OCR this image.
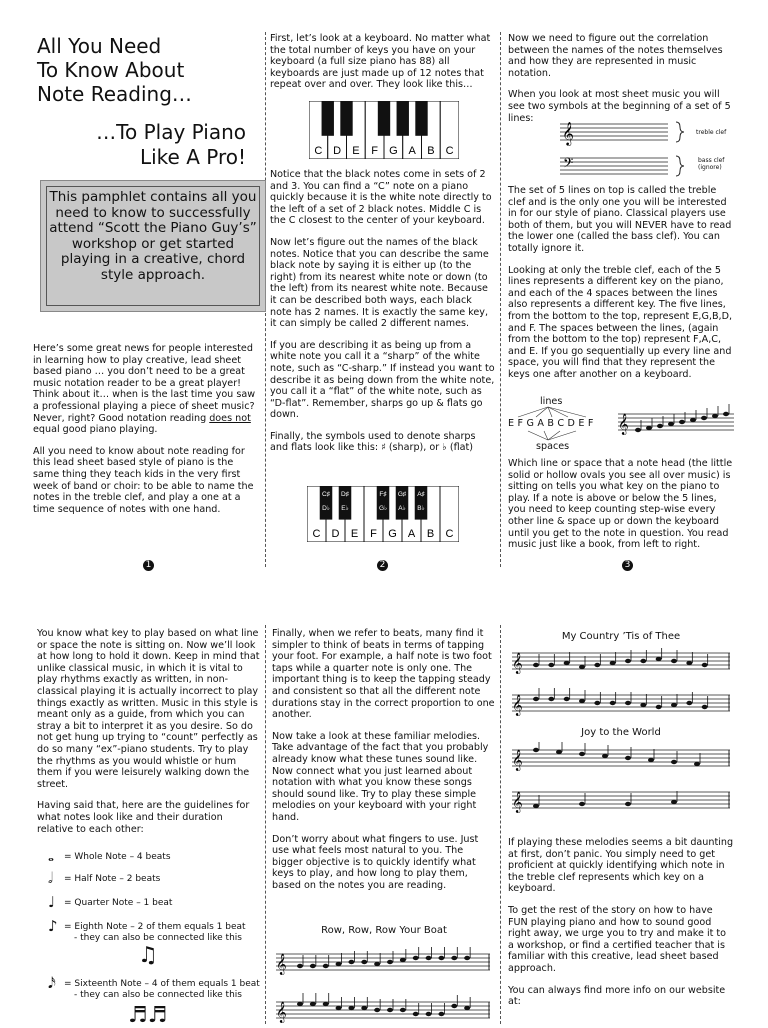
All You Need
To Know About
Note Reading…
…To Play Piano
Like A Pro!
This pamphlet contains all you need to know to successfully attend “Scott the Piano Guy’s” workshop or get started playing in a creative, chord style approach.

Here’s some great news for people interested in learning how to play creative, lead sheet based piano … you don’t need to be a great music notation reader to be a great player! Think about it… when is the last time you saw a professional playing a piece of sheet music? Never, right? Good notation reading does not equal good piano playing.

All you need to know about note reading for this lead sheet based style of piano is the same thing they teach kids in the very first week of band or choir: to be able to name the notes in the treble clef, and play a one at a time sequence of notes with one hand.

1

First, let’s look at a keyboard. No matter what the total number of keys you have on your keyboard (a full size piano has 88) all keyboards are just made up of 12 notes that repeat over and over. They look like this…

C D E F G A B C

Notice that the black notes come in sets of 2 and 3. You can find a “C” note on a piano quickly because it is the white note directly to the left of a set of 2 black notes. Middle C is the C closest to the center of your keyboard.

Now let’s figure out the names of the black notes. Notice that you can describe the same black note by saying it is either up (to the right) from its nearest white note or down (to the left) from its nearest white note. Because it can be described both ways, each black note has 2 names. It is exactly the same key, it can simply be called 2 different names.

If you are describing it as being up from a white note you call it a “sharp” of the white note, such as “C-sharp.” If instead you want to describe it as being down from the white note, you call it a “flat” of the white note, such as “D-flat”. Remember, sharps go up & flats go down.

Finally, the symbols used to denote sharps and flats look like this: ♯ (sharp), or ♭ (flat)

C D E F G A B C
C♯
D♭
D♯
E♭
F♯
G♭
G♯
A♭
A♯
B♭
2

Now we need to figure out the correlation between the names of the notes themselves and how they are represented in music notation.

When you look at most sheet music you will see two symbols at the beginning of a set of 5 lines:

𝄞
𝄢
treble clef
bass clef (ignore)

The set of 5 lines on top is called the treble clef and is the only one you will be interested in for our style of piano. Classical players use both of them, but you will NEVER have to read the lower one (called the bass clef). You can totally ignore it.

Looking at only the treble clef, each of the 5 lines represents a different key on the piano, and each of the 4 spaces between the lines also represents a different key. The five lines, from the bottom to the top, represent E,G,B,D, and F. The spaces between the lines, (again from the bottom to the top) represent F,A,C, and E. If you go sequentially up every line and space, you will find that they represent the keys one after another on a keyboard.

lines
E F G A B C D E F
spaces
𝄞

Which line or space that a note head (the little solid or hollow ovals you see all over music) is sitting on tells you what key on the piano to play. If a note is above or below the 5 lines, you need to keep counting step-wise every other line & space up or down the keyboard until you get to the note in question. You read music just like a book, from left to right.

3

You know what key to play based on what line or space the note is sitting on. Now we’ll look at how long to hold it down. Keep in mind that unlike classical music, in which it is vital to play rhythms exactly as written, in non-classical playing it is actually incorrect to play things exactly as written. Music in this style is meant only as a guide, from which you can stray a bit to interpret it as you desire. So do not get hung up trying to “count” perfectly as do so many “ex”-piano students. Try to play the rhythms as you would whistle or hum them if you were leisurely walking down the street.

Having said that, here are the guidelines for what notes look like and their duration relative to each other:

𝅝 = Whole Note – 4 beats
𝅗𝅥 = Half Note – 2 beats
♩ = Quarter Note – 1 beat
♪ = Eighth Note – 2 of them equals 1 beat
- they can also be connected like this
♫
𝅘𝅥𝅯 = Sixteenth Note – 4 of them equals 1 beat
- they can also be connected like this
♬♬

Finally, when we refer to beats, many find it simpler to think of beats in terms of tapping your foot. For example, a half note is two foot taps while a quarter note is only one. The important thing is to keep the tapping steady and consistent so that all the different note durations stay in the correct proportion to one another.

Now take a look at these familiar melodies. Take advantage of the fact that you probably already know what these tunes sound like. Now connect what you just learned about notation with what you know these songs should sound like. Try to play these simple melodies on your keyboard with your right hand.

Don’t worry about what fingers to use. Just use what feels most natural to you. The bigger objective is to quickly identify what keys to play, and how long to play them, based on the notes you are reading.

Row, Row, Row Your Boat
𝄞
𝄞
My Country ’Tis of Thee
𝄞
𝄞
Joy to the World
𝄞
𝄞

If playing these melodies seems a bit daunting at first, don’t panic. You simply need to get proficient at quickly identifying which note in the treble clef represents which key on a keyboard.

To get the rest of the story on how to have FUN playing piano and how to sound good right away, we urge you to try and make it to a workshop, or find a certified teacher that is familiar with this creative, lead sheet based approach.

You can always find more info on our website at:
